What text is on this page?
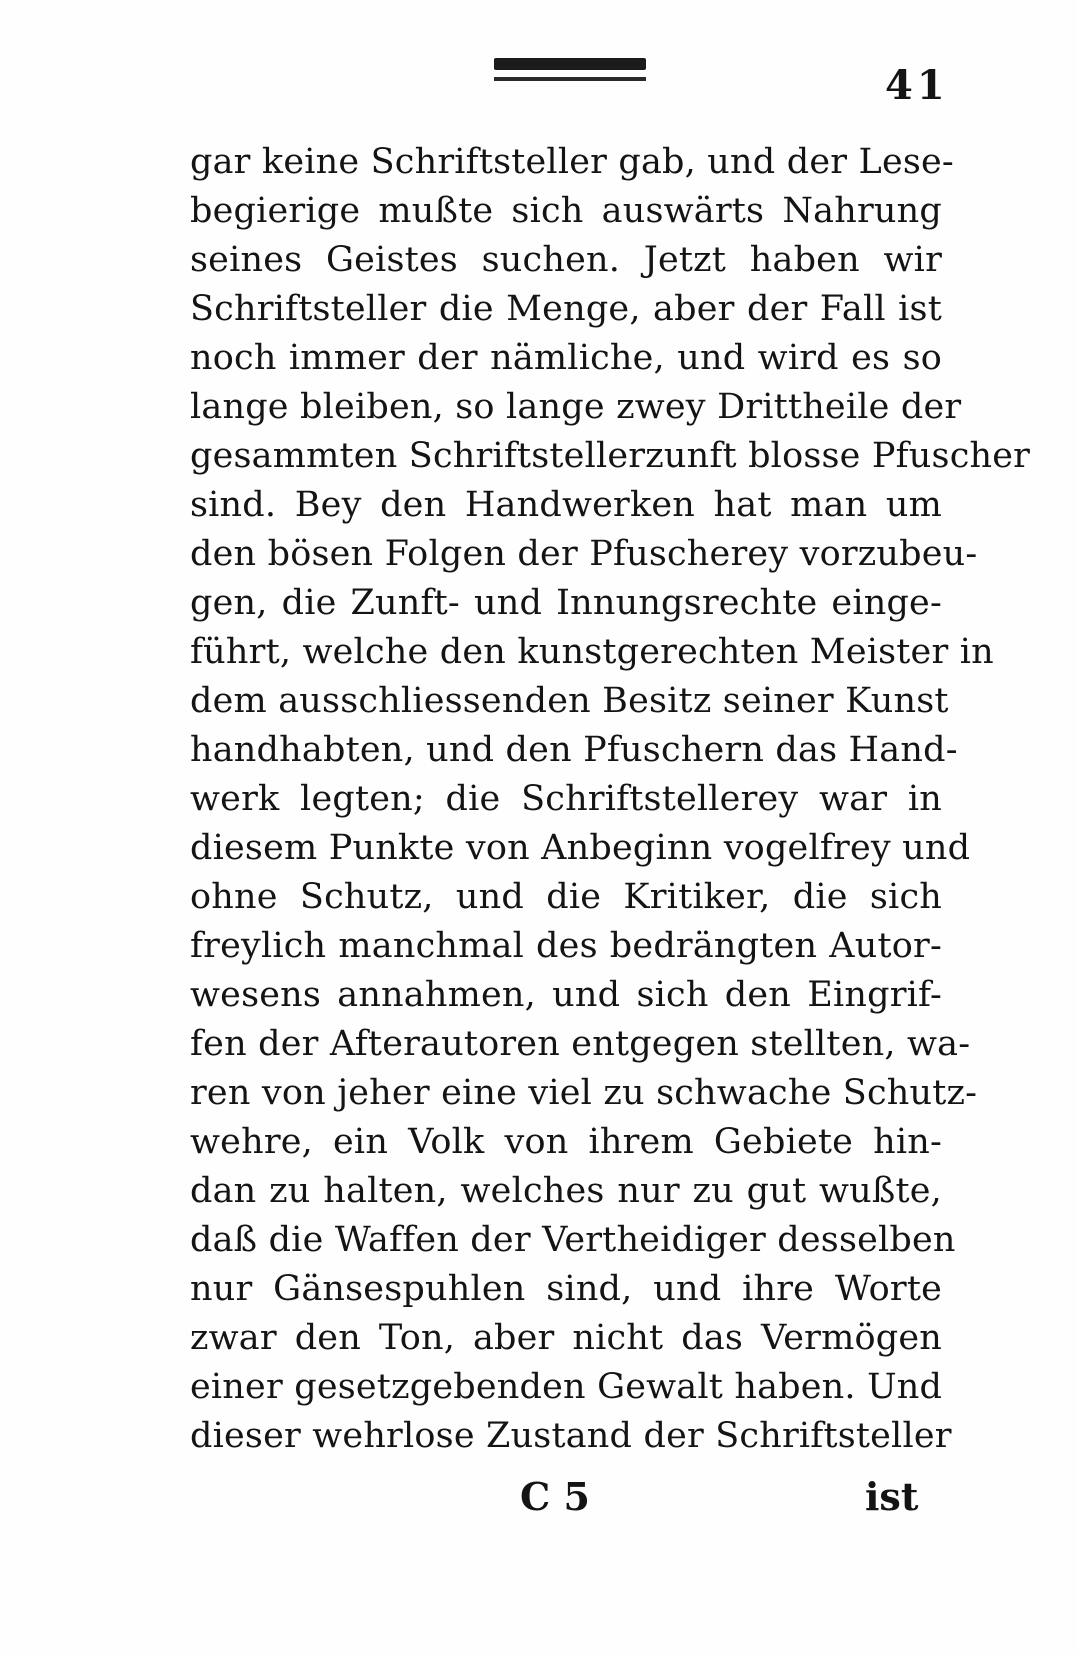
41
gar keine Schriftsteller gab, und der Lese-
begierige mußte sich auswärts Nahrung
seines Geistes suchen. Jetzt haben wir
Schriftsteller die Menge, aber der Fall ist
noch immer der nämliche, und wird es so
lange bleiben, so lange zwey Drittheile der
gesammten Schriftstellerzunft blosse Pfuscher
sind. Bey den Handwerken hat man um
den bösen Folgen der Pfuscherey vorzubeu-
gen, die Zunft- und Innungsrechte einge-
führt, welche den kunstgerechten Meister in
dem ausschliessenden Besitz seiner Kunst
handhabten, und den Pfuschern das Hand-
werk legten; die Schriftstellerey war in
diesem Punkte von Anbeginn vogelfrey und
ohne Schutz, und die Kritiker, die sich
freylich manchmal des bedrängten Autor-
wesens annahmen, und sich den Eingrif-
fen der Afterautoren entgegen stellten, wa-
ren von jeher eine viel zu schwache Schutz-
wehre, ein Volk von ihrem Gebiete hin-
dan zu halten, welches nur zu gut wußte,
daß die Waffen der Vertheidiger desselben
nur Gänsespuhlen sind, und ihre Worte
zwar den Ton, aber nicht das Vermögen
einer gesetzgebenden Gewalt haben. Und
dieser wehrlose Zustand der Schriftsteller
C 5	ist
